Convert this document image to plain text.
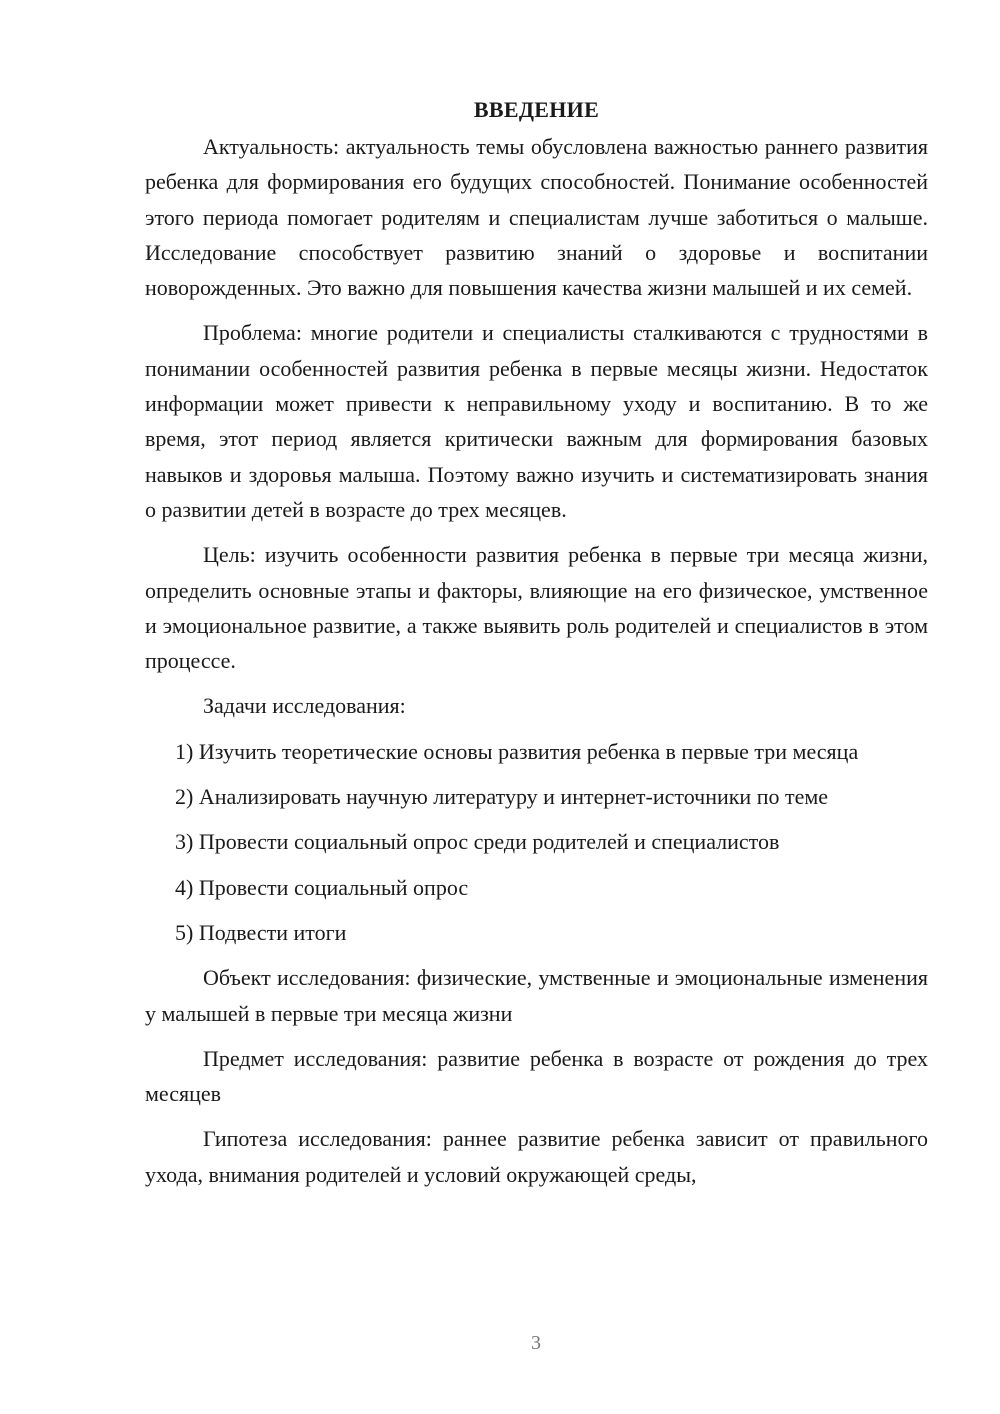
ВВЕДЕНИЕ

Актуальность: актуальность темы обусловлена важностью раннего развития ребенка для формирования его будущих способностей. Понимание особенностей этого периода помогает родителям и специалистам лучше заботиться о малыше. Исследование способствует развитию знаний о здоровье и воспитании новорожденных. Это важно для повышения качества жизни малышей и их семей.

Проблема: многие родители и специалисты сталкиваются с трудностями в понимании особенностей развития ребенка в первые месяцы жизни. Недостаток информации может привести к неправильному уходу и воспитанию. В то же время, этот период является критически важным для формирования базовых навыков и здоровья малыша. Поэтому важно изучить и систематизировать знания о развитии детей в возрасте до трех месяцев.

Цель: изучить особенности развития ребенка в первые три месяца жизни, определить основные этапы и факторы, влияющие на его физическое, умственное и эмоциональное развитие, а также выявить роль родителей и специалистов в этом процессе.

Задачи исследования:

1) Изучить теоретические основы развития ребенка в первые три месяца

2) Анализировать научную литературу и интернет-источники по теме

3) Провести социальный опрос среди родителей и специалистов

4) Провести социальный опрос

5) Подвести итоги

Объект исследования: физические, умственные и эмоциональные изменения у малышей в первые три месяца жизни

Предмет исследования: развитие ребенка в возрасте от рождения до трех месяцев

Гипотеза исследования: раннее развитие ребенка зависит от правильного ухода, внимания родителей и условий окружающей среды,

3
